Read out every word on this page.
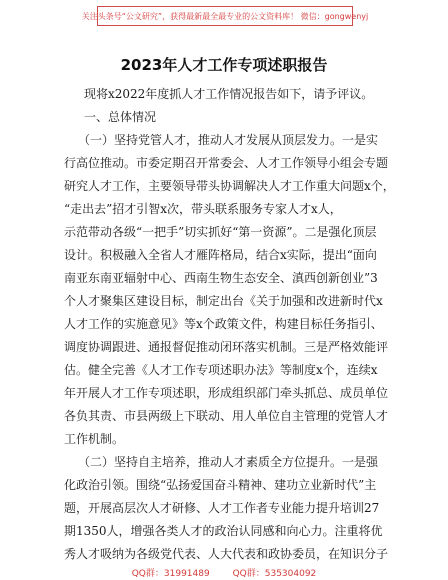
关注头条号“公文研究”，获得最新最全最专业的公文资料库！ 微信：gongwenyj
2023年人才工作专项述职报告
现将x2022年度抓人才工作情况报告如下，请予评议。
一、总体情况
（一）坚持党管人才，推动人才发展从顶层发力。一是实
行高位推动。市委定期召开常委会、人才工作领导小组会专题
研究人才工作，主要领导带头协调解决人才工作重大问题x个，
“走出去”招才引智x次，带头联系服务专家人才x人，
示范带动各级“一把手”切实抓好“第一资源”。二是强化顶层
设计。积极融入全省人才雁阵格局，结合x实际，提出“面向
南亚东南亚辐射中心、西南生物生态安全、滇西创新创业”3
个人才聚集区建设目标，制定出台《关于加强和改进新时代x
人才工作的实施意见》等x个政策文件，构建目标任务指引、
调度协调跟进、通报督促推动闭环落实机制。三是严格效能评
估。健全完善《人才工作专项述职办法》等制度x个，连续x
年开展人才工作专项述职，形成组织部门牵头抓总、成员单位
各负其责、市县两级上下联动、用人单位自主管理的党管人才
工作机制。
（二）坚持自主培养，推动人才素质全方位提升。一是强
化政治引领。围绕“弘扬爱国奋斗精神、建功立业新时代”主
题，开展高层次人才研修、人才工作者专业能力提升培训27
期1350人，增强各类人才的政治认同感和向心力。注重将优
秀人才吸纳为各级党代表、人大代表和政协委员，在知识分子
QQ群：31991489	QQ群：535304092
